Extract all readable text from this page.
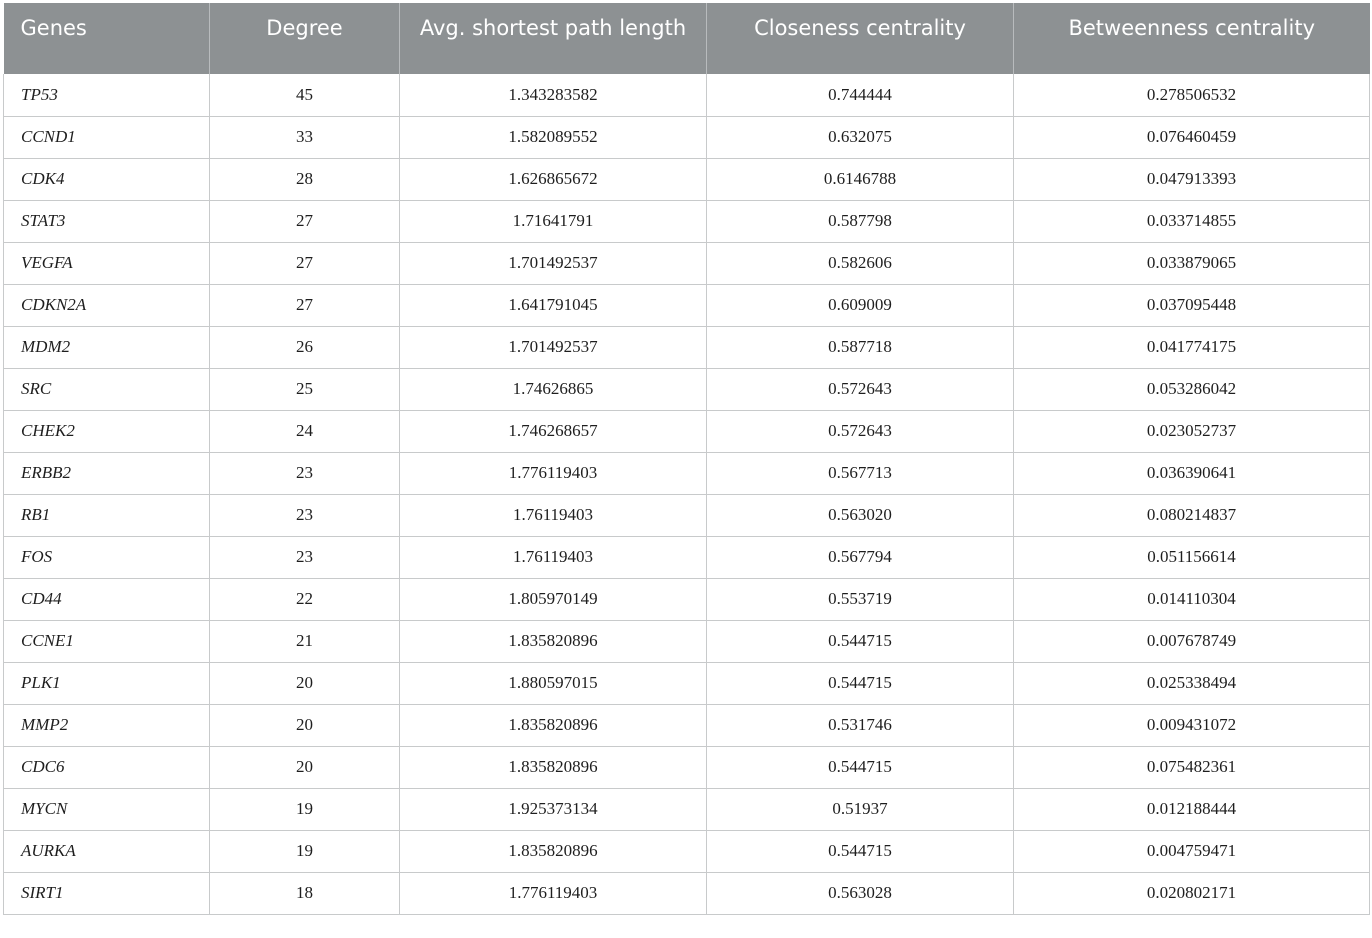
Genes	Degree	Avg. shortest path length	Closeness centrality	Betweenness centrality
TP53	45	1.343283582	0.744444	0.278506532
CCND1	33	1.582089552	0.632075	0.076460459
CDK4	28	1.626865672	0.6146788	0.047913393
STAT3	27	1.71641791	0.587798	0.033714855
VEGFA	27	1.701492537	0.582606	0.033879065
CDKN2A	27	1.641791045	0.609009	0.037095448
MDM2	26	1.701492537	0.587718	0.041774175
SRC	25	1.74626865	0.572643	0.053286042
CHEK2	24	1.746268657	0.572643	0.023052737
ERBB2	23	1.776119403	0.567713	0.036390641
RB1	23	1.76119403	0.563020	0.080214837
FOS	23	1.76119403	0.567794	0.051156614
CD44	22	1.805970149	0.553719	0.014110304
CCNE1	21	1.835820896	0.544715	0.007678749
PLK1	20	1.880597015	0.544715	0.025338494
MMP2	20	1.835820896	0.531746	0.009431072
CDC6	20	1.835820896	0.544715	0.075482361
MYCN	19	1.925373134	0.51937	0.012188444
AURKA	19	1.835820896	0.544715	0.004759471
SIRT1	18	1.776119403	0.563028	0.020802171
